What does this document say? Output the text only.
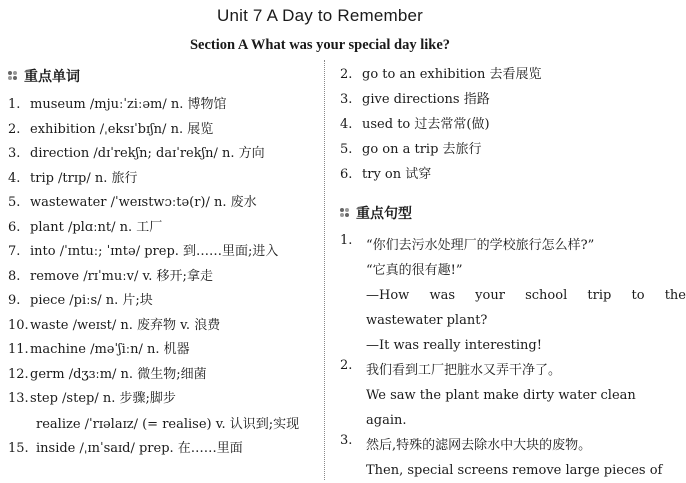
Unit 7 A Day to Remember
Section A What was your special day like?
重点单词
1. museum /mjuːˈziːəm/ n. 博物馆
2. exhibition /ˌeksɪˈbɪʃn/ n. 展览
3. direction /dɪˈrekʃn; daɪˈrekʃn/ n. 方向
4. trip /trɪp/ n. 旅行
5. wastewater /ˈweɪstwɔːtə(r)/ n. 废水
6. plant /plɑːnt/ n. 工厂
7. into /ˈɪntuː; ˈɪntə/ prep. 到……里面;进入
8. remove /rɪˈmuːv/ v. 移开;拿走
9. piece /piːs/ n. 片;块
10.waste /weɪst/ n. 废弃物 v. 浪费
11.machine /məˈʃiːn/ n. 机器
12.germ /dʒɜːm/ n. 微生物;细菌
13.step /step/ n. 步骤;脚步
realize /ˈrɪəlaɪz/ (= realise) v. 认识到;实现
15. inside /ˌɪnˈsaɪd/ prep. 在……里面
2. go to an exhibition 去看展览
3. give directions 指路
4. used to 过去常常(做)
5. go on a trip 去旅行
6. try on 试穿
重点句型
1. “你们去污水处理厂的学校旅行怎么样?”
“它真的很有趣!”
—How was your school trip to the
wastewater plant?
—It was really interesting!
2. 我们看到工厂把脏水又弄干净了。
We saw the plant make dirty water clean
again.
3. 然后,特殊的滤网去除水中大块的废物。
Then, special screens remove large pieces of
